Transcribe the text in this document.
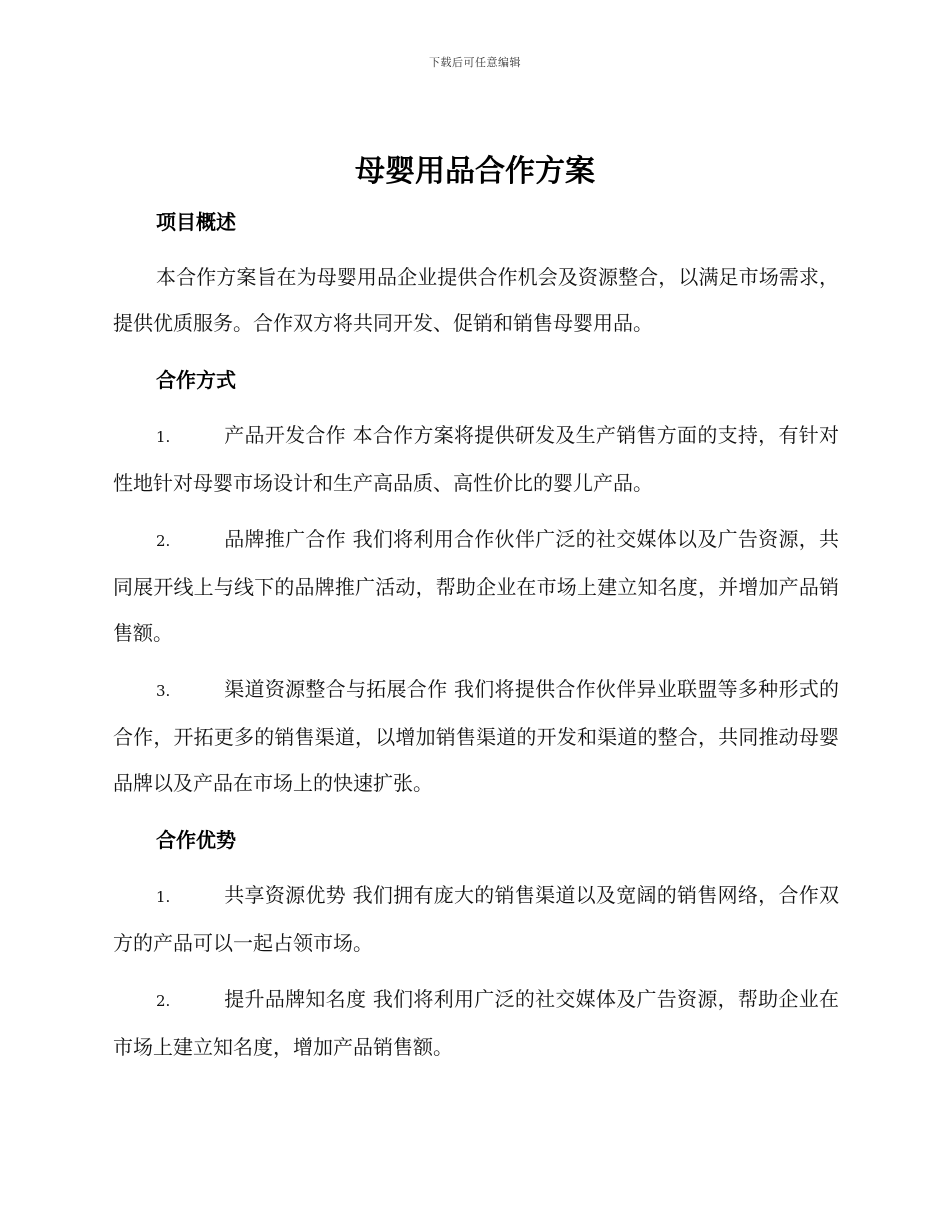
下载后可任意编辑
母婴用品合作方案
项目概述

本合作方案旨在为母婴用品企业提供合作机会及资源整合，以满足市场需求，提供优质服务。合作双方将共同开发、促销和销售母婴用品。

合作方式

1.	产品开发合作 本合作方案将提供研发及生产销售方面的支持，有针对性地针对母婴市场设计和生产高品质、高性价比的婴儿产品。

2.	品牌推广合作 我们将利用合作伙伴广泛的社交媒体以及广告资源，共同展开线上与线下的品牌推广活动，帮助企业在市场上建立知名度，并增加产品销售额。

3.	渠道资源整合与拓展合作 我们将提供合作伙伴异业联盟等多种形式的合作，开拓更多的销售渠道，以增加销售渠道的开发和渠道的整合，共同推动母婴品牌以及产品在市场上的快速扩张。

合作优势

1.	共享资源优势 我们拥有庞大的销售渠道以及宽阔的销售网络，合作双方的产品可以一起占领市场。

2.	提升品牌知名度 我们将利用广泛的社交媒体及广告资源，帮助企业在市场上建立知名度，增加产品销售额。
